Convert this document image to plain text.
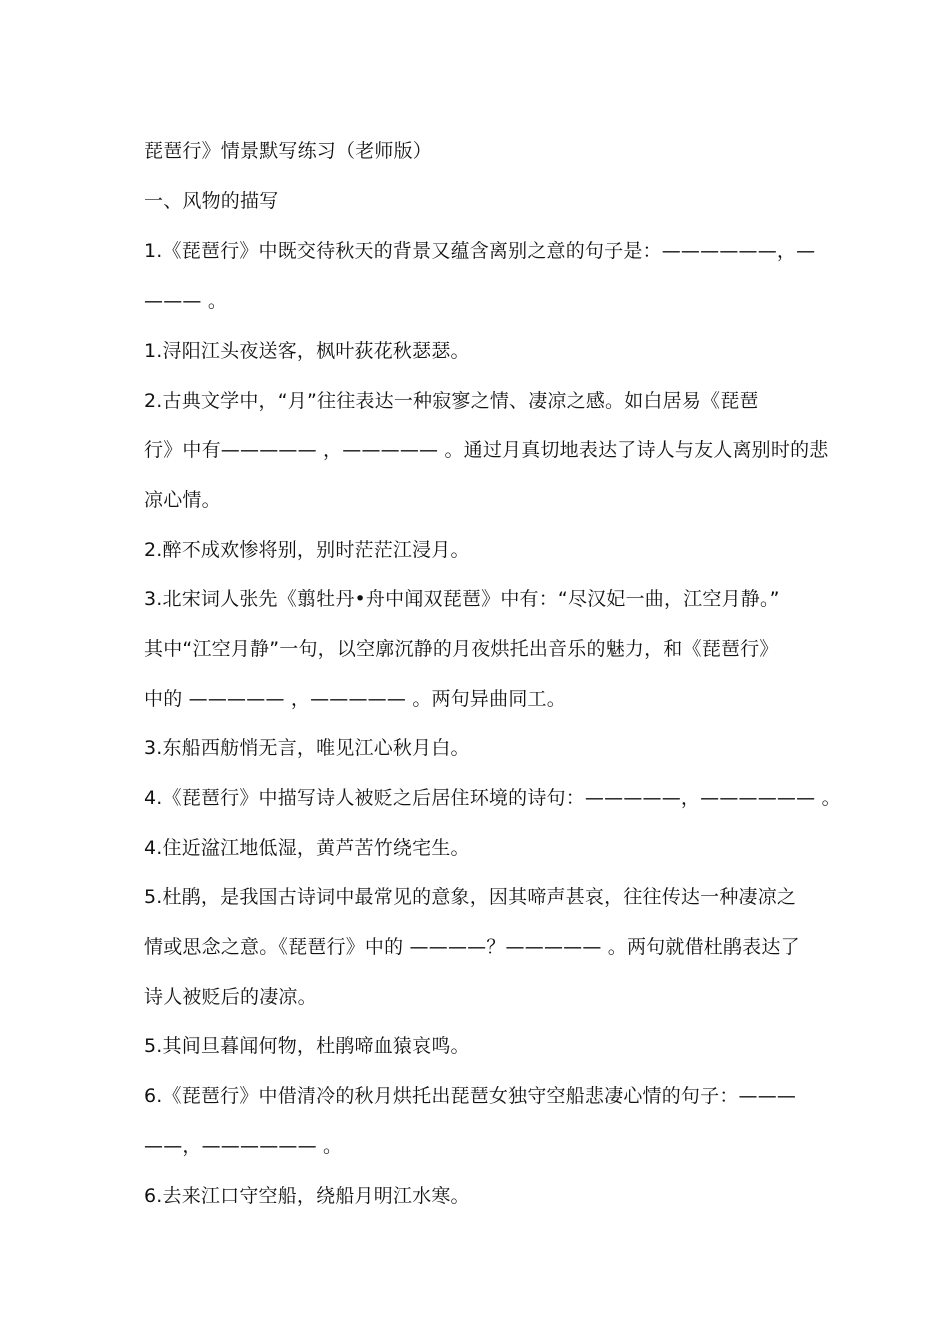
琵琶行》情景默写练习（老师版）
一、风物的描写
1.《琵琶行》中既交待秋天的背景又蕴含离别之意的句子是：——————，—
——— 。
1.浔阳江头夜送客，枫叶荻花秋瑟瑟。
2.古典文学中，“月”往往表达一种寂寥之情、凄凉之感。如白居易《琵琶
行》中有————— ，————— 。通过月真切地表达了诗人与友人离别时的悲
凉心情。
2.醉不成欢惨将别，别时茫茫江浸月。
3.北宋词人张先《翦牡丹•舟中闻双琵琶》中有：“尽汉妃一曲，江空月静。”
其中“江空月静”一句，以空廓沉静的月夜烘托出音乐的魅力，和《琵琶行》
中的 ————— ，————— 。两句异曲同工。
3.东船西舫悄无言，唯见江心秋月白。
4.《琵琶行》中描写诗人被贬之后居住环境的诗句：—————，—————— 。
4.住近湓江地低湿，黄芦苦竹绕宅生。
5.杜鹃，是我国古诗词中最常见的意象，因其啼声甚哀，往往传达一种凄凉之
情或思念之意。《琵琶行》中的 ————？————— 。两句就借杜鹃表达了
诗人被贬后的凄凉。
5.其间旦暮闻何物，杜鹃啼血猿哀鸣。
6.《琵琶行》中借清冷的秋月烘托出琵琶女独守空船悲凄心情的句子：———
——，—————— 。
6.去来江口守空船，绕船月明江水寒。
